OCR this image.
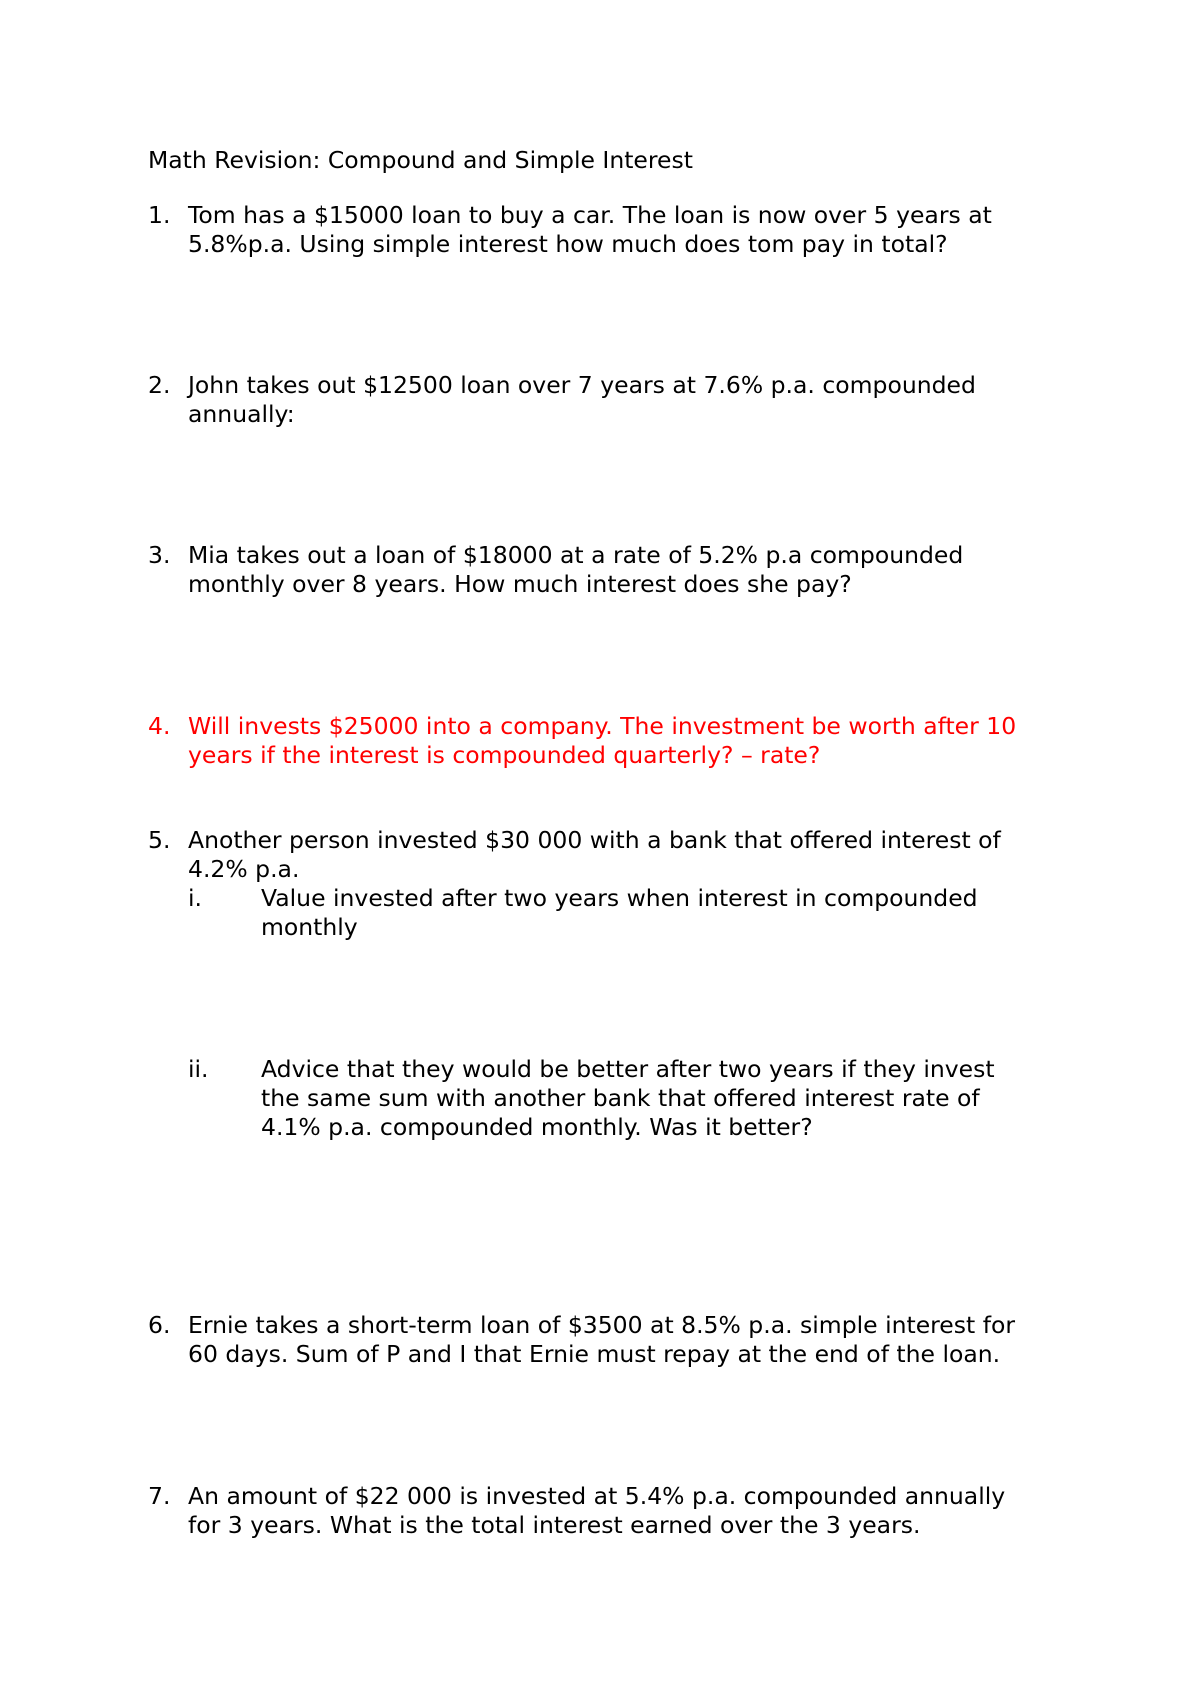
Math Revision: Compound and Simple Interest
1. Tom has a $15000 loan to buy a car. The loan is now over 5 years at
5.8%p.a. Using simple interest how much does tom pay in total?
2. John takes out $12500 loan over 7 years at 7.6% p.a. compounded
annually:
3. Mia takes out a loan of $18000 at a rate of 5.2% p.a compounded
monthly over 8 years. How much interest does she pay?
4. Will invests $25000 into a company. The investment be worth after 10
years if the interest is compounded quarterly? – rate?
5. Another person invested $30 000 with a bank that offered interest of
4.2% p.a.
i.	Value invested after two years when interest in compounded
monthly
ii. Advice that they would be better after two years if they invest
the same sum with another bank that offered interest rate of
4.1% p.a. compounded monthly. Was it better?
6. Ernie takes a short-term loan of $3500 at 8.5% p.a. simple interest for
60 days. Sum of P and I that Ernie must repay at the end of the loan.
7. An amount of $22 000 is invested at 5.4% p.a. compounded annually
for 3 years. What is the total interest earned over the 3 years.
